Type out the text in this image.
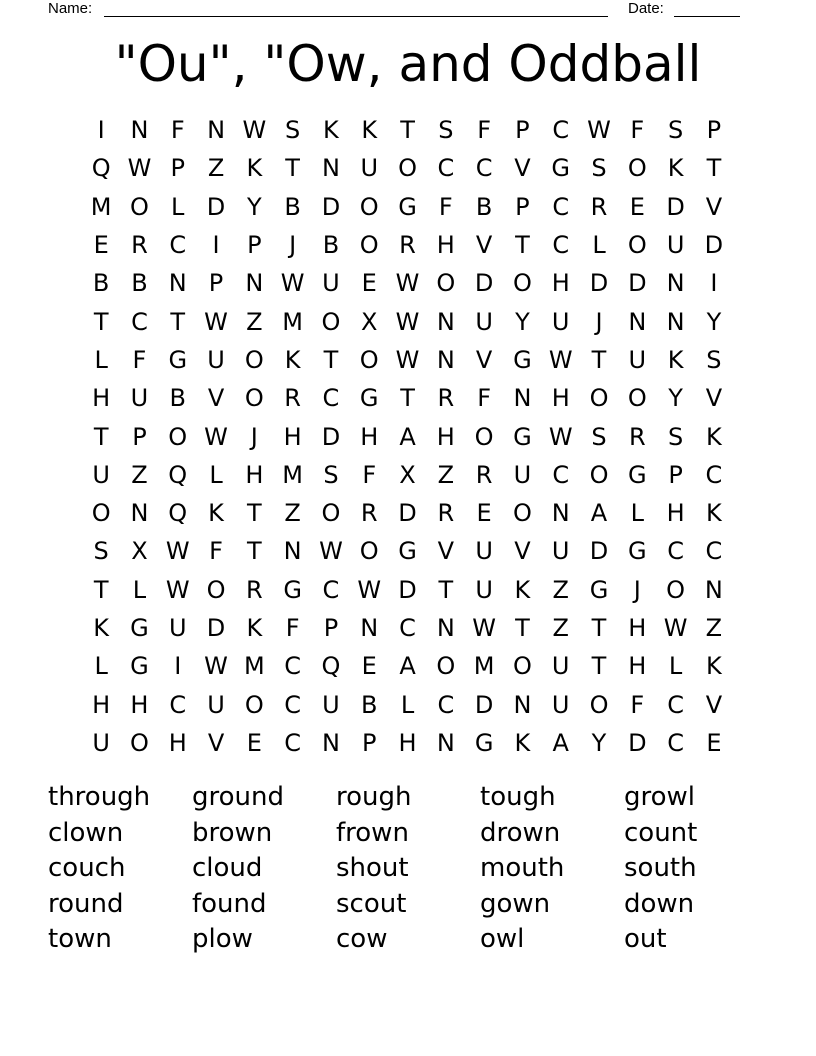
Name:	Date:
"Ou", "Ow, and Oddball
I	N F N W S K K T S F	P C W F S P
Q W P Z K T N U O C C V G S O K T
M O L D Y B D O G F B P C R E D V
E R C	I	P	J	B O R H V T C L O U D
B B N P N W U E W O D O H D D N	I
T C T W Z M O X W N U Y U	J	N N Y
L	F G U O K T O W N V G W T U K S
H U B V O R C G T R F N H O O Y V
T P O W J	H D H A H O G W S R S K
U Z Q L H M S F X Z R U C O G P C
O N Q K T Z O R D R E O N A L H K
S X W F	T N W O G V U V U D G C C
T	L W O R G C W D T U K Z G	J	O N
K G U D K F	P N C N W T Z T H W Z
L G	I W M C Q E A O M O U T H L K
H H C U O C U B L C D N U O F C V
U O H V E C N P H N G K A Y D C E
through	ground	rough	tough	growl
clown	brown	frown	drown	count
couch	cloud	shout	mouth	south
round	found	scout	gown	down
town	plow	cow	owl	out
